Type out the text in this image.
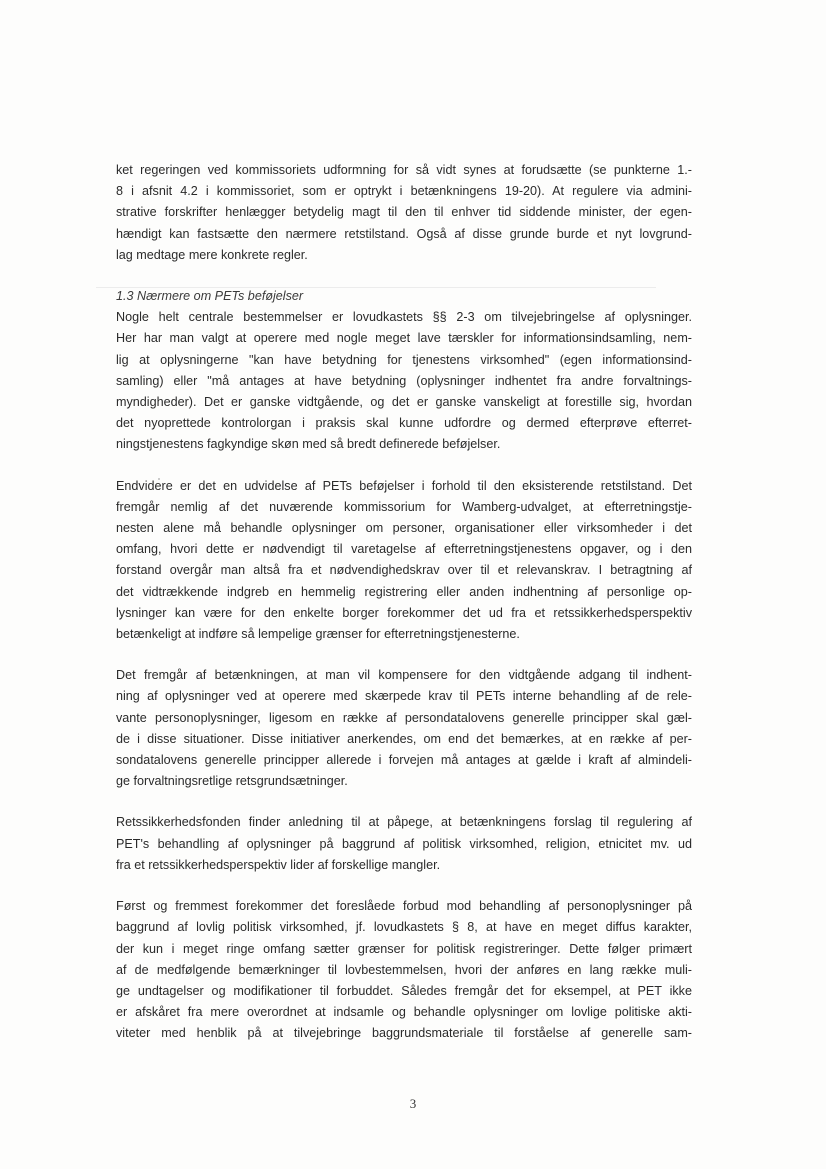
ket regeringen ved kommissoriets udformning for så vidt synes at forudsætte (se punkterne 1.-
8 i afsnit 4.2 i kommissoriet, som er optrykt i betænkningens 19-20). At regulere via admini-
strative forskrifter henlægger betydelig magt til den til enhver tid siddende minister, der egen-
hændigt kan fastsætte den nærmere retstilstand. Også af disse grunde burde et nyt lovgrund-
lag medtage mere konkrete regler.
1.3 Nærmere om PETs beføjelser
Nogle helt centrale bestemmelser er lovudkastets §§ 2-3 om tilvejebringelse af oplysninger.
Her har man valgt at operere med nogle meget lave tærskler for informationsindsamling, nem-
lig at oplysningerne "kan have betydning for tjenestens virksomhed" (egen informationsind-
samling) eller "må antages at have betydning (oplysninger indhentet fra andre forvaltnings-
myndigheder). Det er ganske vidtgående, og det er ganske vanskeligt at forestille sig, hvordan
det nyoprettede kontrolorgan i praksis skal kunne udfordre og dermed efterprøve efterret-
ningstjenestens fagkyndige skøn med så bredt definerede beføjelser.
Endvidere er det en udvidelse af PETs beføjelser i forhold til den eksisterende retstilstand. Det
fremgår nemlig af det nuværende kommissorium for Wamberg-udvalget, at efterretningstje-
nesten alene må behandle oplysninger om personer, organisationer eller virksomheder i det
omfang, hvori dette er nødvendigt til varetagelse af efterretningstjenestens opgaver, og i den
forstand overgår man altså fra et nødvendighedskrav over til et relevanskrav. I betragtning af
det vidtrækkende indgreb en hemmelig registrering eller anden indhentning af personlige op-
lysninger kan være for den enkelte borger forekommer det ud fra et retssikkerhedsperspektiv
betænkeligt at indføre så lempelige grænser for efterretningstjenesterne.
Det fremgår af betænkningen, at man vil kompensere for den vidtgående adgang til indhent-
ning af oplysninger ved at operere med skærpede krav til PETs interne behandling af de rele-
vante personoplysninger, ligesom en række af persondatalovens generelle principper skal gæl-
de i disse situationer. Disse initiativer anerkendes, om end det bemærkes, at en række af per-
sondatalovens generelle principper allerede i forvejen må antages at gælde i kraft af almindeli-
ge forvaltningsretlige retsgrundsætninger.
Retssikkerhedsfonden finder anledning til at påpege, at betænkningens forslag til regulering af
PET's behandling af oplysninger på baggrund af politisk virksomhed, religion, etnicitet mv. ud
fra et retssikkerhedsperspektiv lider af forskellige mangler.
Først og fremmest forekommer det foreslåede forbud mod behandling af personoplysninger på
baggrund af lovlig politisk virksomhed, jf. lovudkastets § 8, at have en meget diffus karakter,
der kun i meget ringe omfang sætter grænser for politisk registreringer. Dette følger primært
af de medfølgende bemærkninger til lovbestemmelsen, hvori der anføres en lang række muli-
ge undtagelser og modifikationer til forbuddet. Således fremgår det for eksempel, at PET ikke
er afskåret fra mere overordnet at indsamle og behandle oplysninger om lovlige politiske akti-
viteter med henblik på at tilvejebringe baggrundsmateriale til forståelse af generelle sam-
3
